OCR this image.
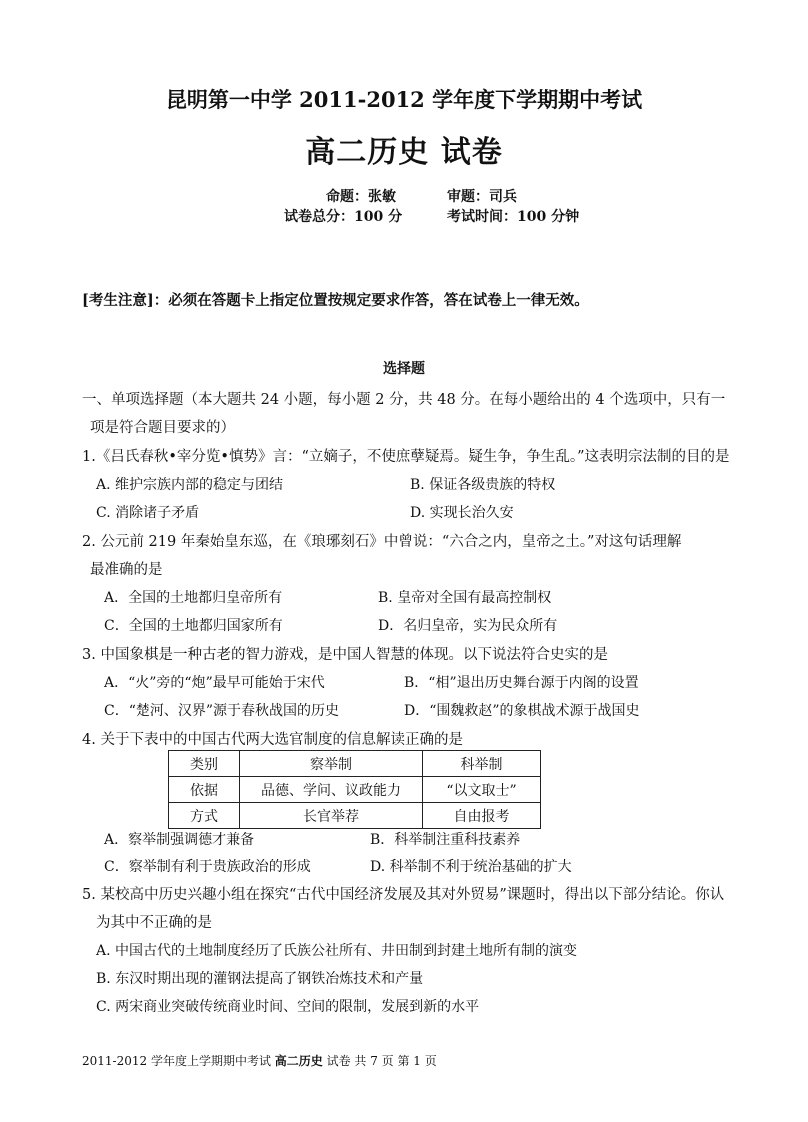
昆明第一中学 2011-2012 学年度下学期期中考试
高二历史 试卷
命题：张敏	审题：司兵
试卷总分：100 分	考试时间：100 分钟
[考生注意]：必须在答题卡上指定位置按规定要求作答，答在试卷上一律无效。
选择题
一、单项选择题（本大题共 24 小题，每小题 2 分，共 48 分。在每小题给出的 4 个选项中，只有一
项是符合题目要求的）
1.《吕氏春秋•宰分览•慎势》言：“立嫡子，不使庶孽疑焉。疑生争，争生乱。”这表明宗法制的目的是
A. 维护宗族内部的稳定与团结	B. 保证各级贵族的特权
C. 消除诸子矛盾	D. 实现长治久安
2. 公元前 219 年秦始皇东巡，在《琅琊刻石》中曾说：“六合之内，皇帝之土。”对这句话理解
最准确的是
A．全国的土地都归皇帝所有	B. 皇帝对全国有最高控制权
C．全国的土地都归国家所有	D．名归皇帝，实为民众所有
3. 中国象棋是一种古老的智力游戏，是中国人智慧的体现。以下说法符合史实的是
A．“火”旁的“炮”最早可能始于宋代	B．“相”退出历史舞台源于内阁的设置
C．“楚河、汉界”源于春秋战国的历史	D．“围魏救赵”的象棋战术源于战国史
4. 关于下表中的中国古代两大选官制度的信息解读正确的是
类别	察举制	科举制
依据	品德、学问、议政能力	“以文取士”
方式	长官举荐	自由报考
A．察举制强调德才兼备	B．科举制注重科技素养
C．察举制有利于贵族政治的形成	D. 科举制不利于统治基础的扩大
5. 某校高中历史兴趣小组在探究“古代中国经济发展及其对外贸易”课题时，得出以下部分结论。你认
为其中不正确的是
A. 中国古代的土地制度经历了氏族公社所有、井田制到封建土地所有制的演变
B. 东汉时期出现的灌钢法提高了钢铁冶炼技术和产量
C. 两宋商业突破传统商业时间、空间的限制，发展到新的水平
2011-2012 学年度上学期期中考试 高二历史 试卷 共 7 页 第 1 页
